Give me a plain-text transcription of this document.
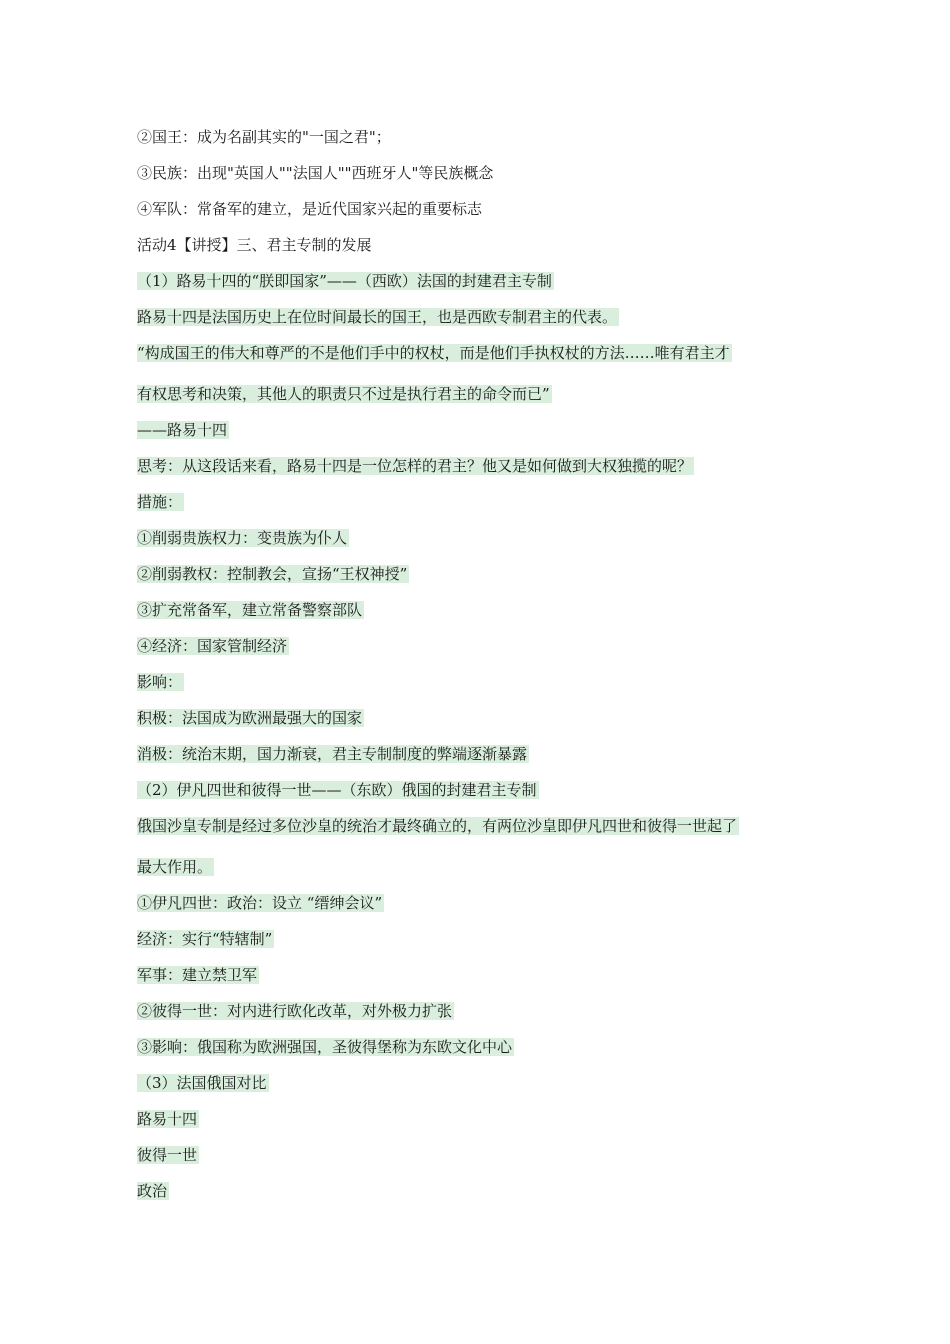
②国王：成为名副其实的"一国之君"；
③民族：出现"英国人""法国人""西班牙人"等民族概念
④军队：常备军的建立，是近代国家兴起的重要标志
活动4【讲授】三、君主专制的发展
（1）路易十四的“朕即国家”——（西欧）法国的封建君主专制
路易十四是法国历史上在位时间最长的国王，也是西欧专制君主的代表。
“构成国王的伟大和尊严的不是他们手中的权杖，而是他们手执权杖的方法……唯有君主才
有权思考和决策，其他人的职责只不过是执行君主的命令而已”
——路易十四
思考：从这段话来看，路易十四是一位怎样的君主？他又是如何做到大权独揽的呢？
措施：
①削弱贵族权力：变贵族为仆人
②削弱教权：控制教会，宣扬“王权神授”
③扩充常备军，建立常备警察部队
④经济：国家管制经济
影响：
积极：法国成为欧洲最强大的国家
消极：统治末期，国力渐衰，君主专制制度的弊端逐渐暴露
（2）伊凡四世和彼得一世——（东欧）俄国的封建君主专制
俄国沙皇专制是经过多位沙皇的统治才最终确立的，有两位沙皇即伊凡四世和彼得一世起了
最大作用。
①伊凡四世：政治：设立 “缙绅会议”
经济：实行“特辖制”
军事：建立禁卫军
②彼得一世：对内进行欧化改革，对外极力扩张
③影响：俄国称为欧洲强国，圣彼得堡称为东欧文化中心
（3）法国俄国对比
路易十四
彼得一世
政治
